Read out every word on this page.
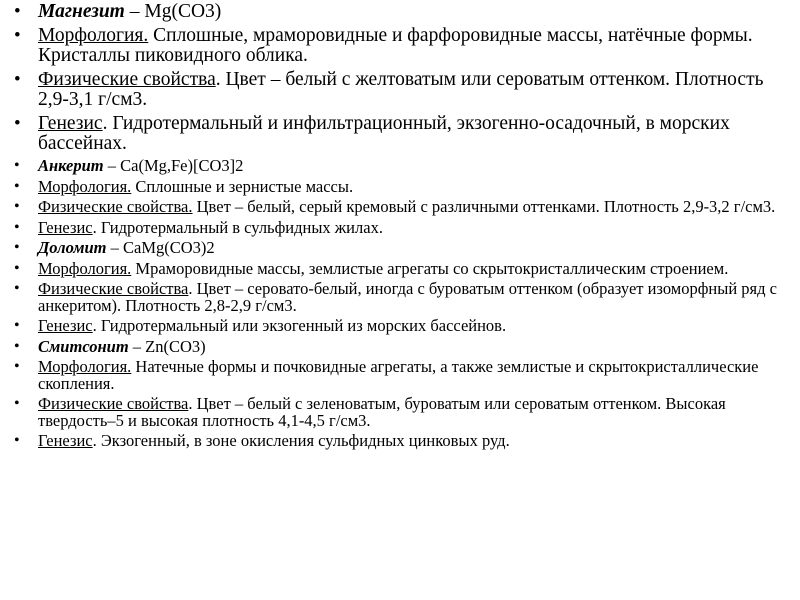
• Магнезит – Mg(CO3)
• Морфология. Сплошные, мраморовидные и фарфоровидные массы, натёчные формы. Кристаллы пиковидного облика.
• Физические свойства. Цвет – белый с желтоватым или сероватым оттенком. Плотность 2,9-3,1 г/см3.
• Генезис. Гидротермальный и инфильтрационный, экзогенно-осадочный, в морских бассейнах.
• Анкерит – Ca(Mg,Fe)[CO3]2
• Морфология. Сплошные и зернистые массы.
• Физические свойства. Цвет – белый, серый кремовый с различными оттенками. Плотность 2,9-3,2 г/см3.
• Генезис. Гидротермальный в сульфидных жилах.
• Доломит – CaMg(CO3)2
• Морфология. Мраморовидные массы, землистые агрегаты со скрытокристаллическим строением.
• Физические свойства. Цвет – серовато-белый, иногда с буроватым оттенком (образует изоморфный ряд с анкеритом). Плотность 2,8-2,9 г/см3.
• Генезис. Гидротермальный или экзогенный из морских бассейнов.
• Смитсонит – Zn(CO3)
• Морфология. Натечные формы и почковидные агрегаты, а также землистые и скрытокристаллические скопления.
• Физические свойства. Цвет – белый с зеленоватым, буроватым или сероватым оттенком. Высокая твердость–5 и высокая плотность 4,1-4,5 г/см3.
• Генезис. Экзогенный, в зоне окисления сульфидных цинковых руд.
